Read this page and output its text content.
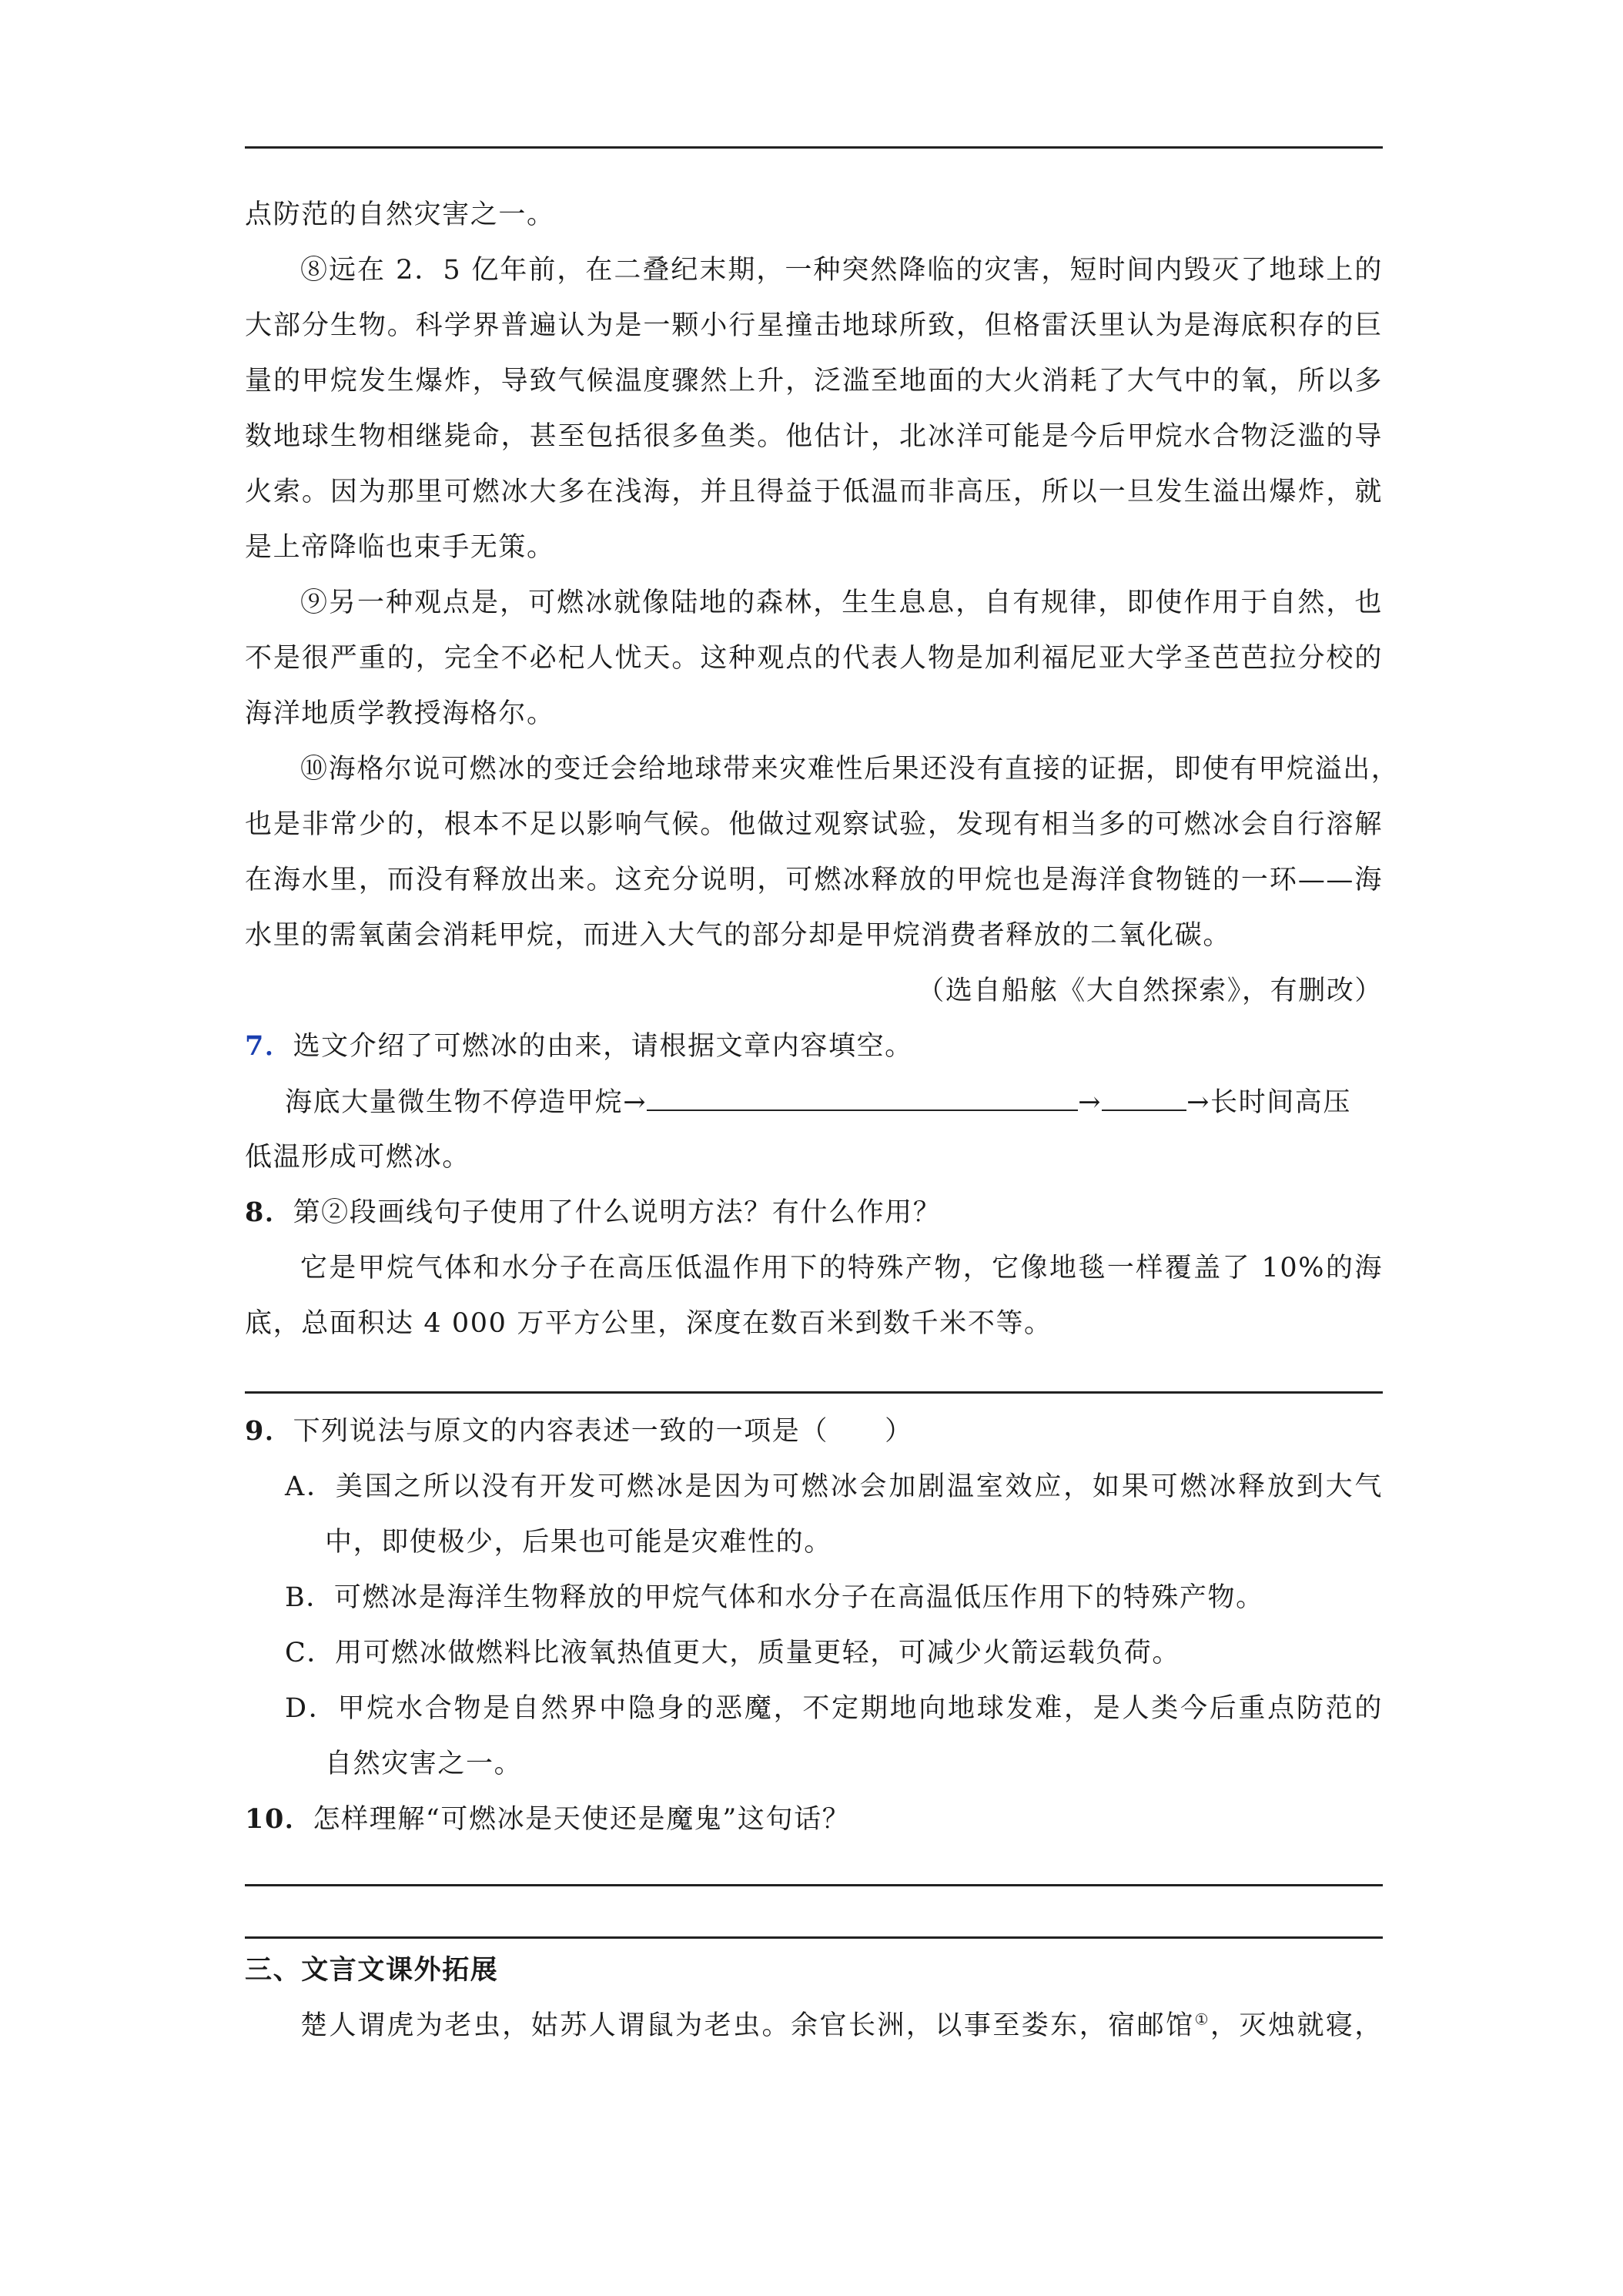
点防范的自然灾害之一。
⑧远在 2．5 亿年前，在二叠纪末期，一种突然降临的灾害，短时间内毁灭了地球上的
大部分生物。科学界普遍认为是一颗小行星撞击地球所致，但格雷沃里认为是海底积存的巨
量的甲烷发生爆炸，导致气候温度骤然上升，泛滥至地面的大火消耗了大气中的氧，所以多
数地球生物相继毙命，甚至包括很多鱼类。他估计，北冰洋可能是今后甲烷水合物泛滥的导
火索。因为那里可燃冰大多在浅海，并且得益于低温而非高压，所以一旦发生溢出爆炸，就
是上帝降临也束手无策。
⑨另一种观点是，可燃冰就像陆地的森林，生生息息，自有规律，即使作用于自然，也
不是很严重的，完全不必杞人忧天。这种观点的代表人物是加利福尼亚大学圣芭芭拉分校的
海洋地质学教授海格尔。
⑩海格尔说可燃冰的变迁会给地球带来灾难性后果还没有直接的证据，即使有甲烷溢出，
也是非常少的，根本不足以影响气候。他做过观察试验，发现有相当多的可燃冰会自行溶解
在海水里，而没有释放出来。这充分说明，可燃冰释放的甲烷也是海洋食物链的一环——海
水里的需氧菌会消耗甲烷，而进入大气的部分却是甲烷消费者释放的二氧化碳。
（选自船舷《大自然探索》，有删改）
7．选文介绍了可燃冰的由来，请根据文章内容填空。
海底大量微生物不停造甲烷→	→	→长时间高压
低温形成可燃冰。
8．第②段画线句子使用了什么说明方法？有什么作用？
它是甲烷气体和水分子在高压低温作用下的特殊产物，它像地毯一样覆盖了 10%的海
底，总面积达 4 000 万平方公里，深度在数百米到数千米不等。
9．下列说法与原文的内容表述一致的一项是（　　）
A．美国之所以没有开发可燃冰是因为可燃冰会加剧温室效应，如果可燃冰释放到大气
中，即使极少，后果也可能是灾难性的。
B．可燃冰是海洋生物释放的甲烷气体和水分子在高温低压作用下的特殊产物。
C．用可燃冰做燃料比液氧热值更大，质量更轻，可减少火箭运载负荷。
D．甲烷水合物是自然界中隐身的恶魔，不定期地向地球发难，是人类今后重点防范的
自然灾害之一。
10．怎样理解“可燃冰是天使还是魔鬼”这句话？
三、文言文课外拓展
楚人谓虎为老虫，姑苏人谓鼠为老虫。余官长洲，以事至娄东，宿邮馆①，灭烛就寝，
